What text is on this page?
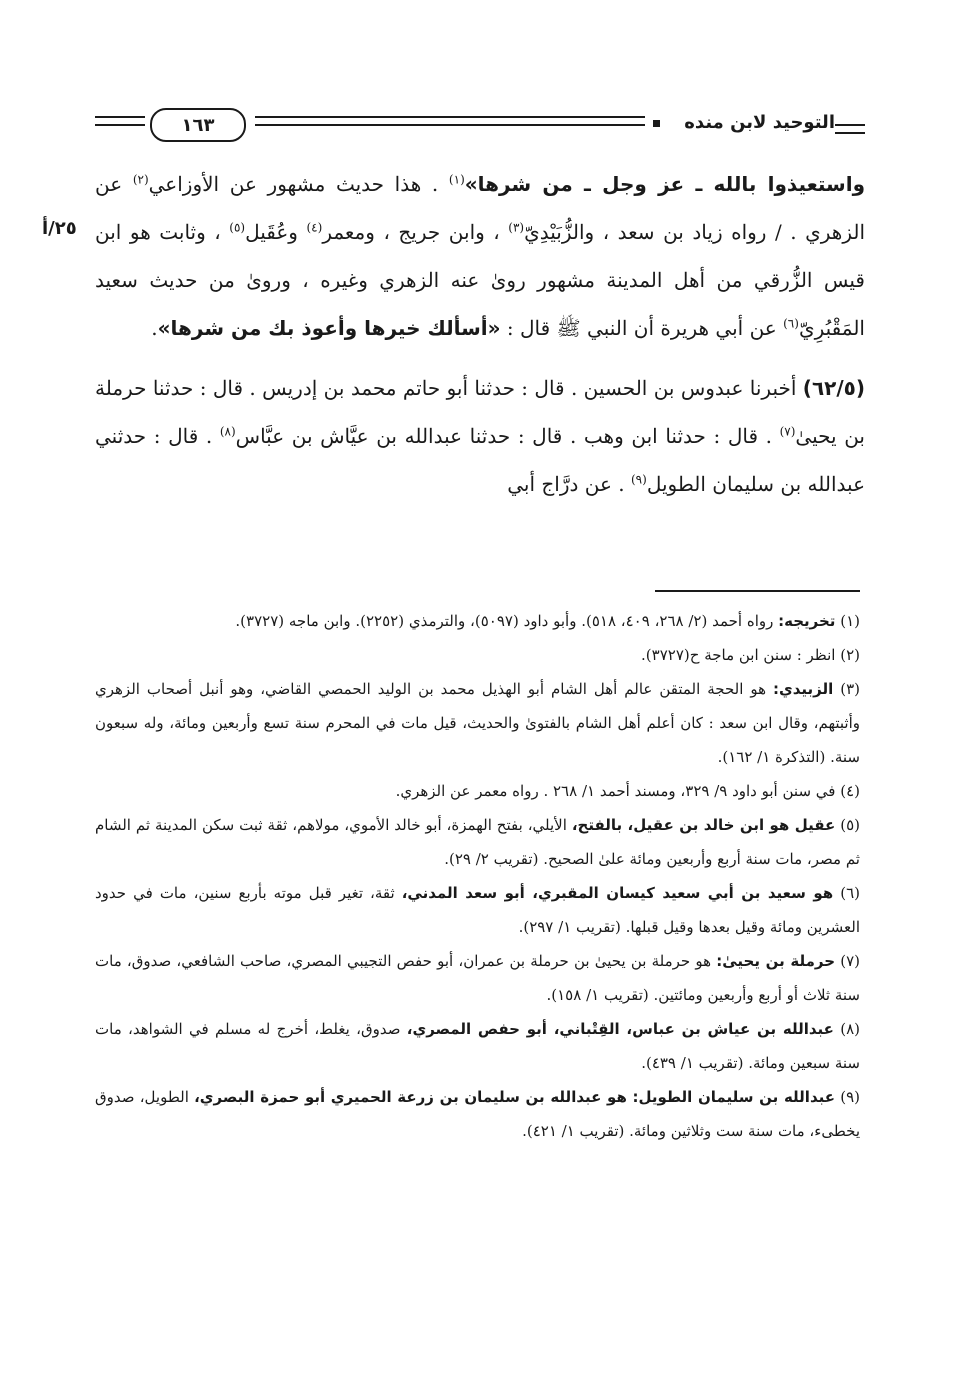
التوحيد لابن منده
١٦٣
٢٥/أ

واستعيذوا بالله ـ عز وجل ـ من شرها»$^{(١)}$ . هذا حديث مشهور عن الأوزاعي$^{(٢)}$ عن الزهري . / رواه زياد بن سعد ، والزُّبَيْدِيّ$^{(٣)}$ ، وابن جريج ، ومعمر$^{(٤)}$ وعُقَيل$^{(٥)}$ ، وثابت هو ابن قيس الزُّرقي من أهل المدينة مشهور روىٰ عنه الزهري وغيره ، وروىٰ من حديث سعيد المَقْبُرِيّ$^{(٦)}$ عن أبي هريرة أن النبي ﷺ قال : «أسألك خيرها وأعوذ بك من شرها».

(٦٢/٥) أخبرنا عبدوس بن الحسين . قال : حدثنا أبو حاتم محمد بن إدريس . قال : حدثنا حرملة بن يحيىٰ$^{(٧)}$ . قال : حدثنا ابن وهب . قال : حدثنا عبدالله بن عيَّاش بن عبَّاس$^{(٨)}$ . قال : حدثني عبدالله بن سليمان الطويل$^{(٩)}$ . عن درَّاج أبي

(١) تخريجه: رواه أحمد (٢/ ٢٦٨، ٤٠٩، ٥١٨). وأبو داود (٥٠٩٧)، والترمذي (٢٢٥٢). وابن ماجه (٣٧٢٧).

(٢) انظر : سنن ابن ماجة ح(٣٧٢٧).

(٣) الزبيدي: هو الحجة المتقن عالم أهل الشام أبو الهذيل محمد بن الوليد الحمصي القاضي، وهو أنبل أصحاب الزهري وأثبتهم، وقال ابن سعد : كان أعلم أهل الشام بالفتوىٰ والحديث، قيل مات في المحرم سنة تسع وأربعين ومائة، وله سبعون سنة. (التذكرة ١/ ١٦٢).

(٤) في سنن أبو داود ٩/ ٣٢٩، ومسند أحمد ١/ ٢٦٨ . رواه معمر عن الزهري.

(٥) عقيل هو ابن خالد بن عقيل، بالفتح، الأيلي، بفتح الهمزة، أبو خالد الأموي، مولاهم، ثقة ثبت سكن المدينة ثم الشام ثم مصر، مات سنة أربع وأربعين ومائة علىٰ الصحيح. (تقريب ٢/ ٢٩).

(٦) هو سعيد بن أبي سعيد كيسان المقبري، أبو سعد المدني، ثقة، تغير قبل موته بأربع سنين، مات في حدود العشرين ومائة وقيل بعدها وقيل قبلها. (تقريب ١/ ٢٩٧).

(٧) حرملة بن يحيىٰ: هو حرملة بن يحيىٰ بن حرملة بن عمران، أبو حفص التجيبي المصري، صاحب الشافعي، صدوق، مات سنة ثلاث أو أربع وأربعين ومائتين. (تقريب ١/ ١٥٨).

(٨) عبدالله بن عياش بن عباس، القِتْباني، أبو حفص المصري، صدوق، يغلط، أخرج له مسلم في الشواهد، مات سنة سبعين ومائة. (تقريب ١/ ٤٣٩).

(٩) عبدالله بن سليمان الطويل: هو عبدالله بن سليمان بن زرعة الحميري أبو حمزة البصري، الطويل، صدوق يخطىء، مات سنة ست وثلاثين ومائة. (تقريب ١/ ٤٢١).
